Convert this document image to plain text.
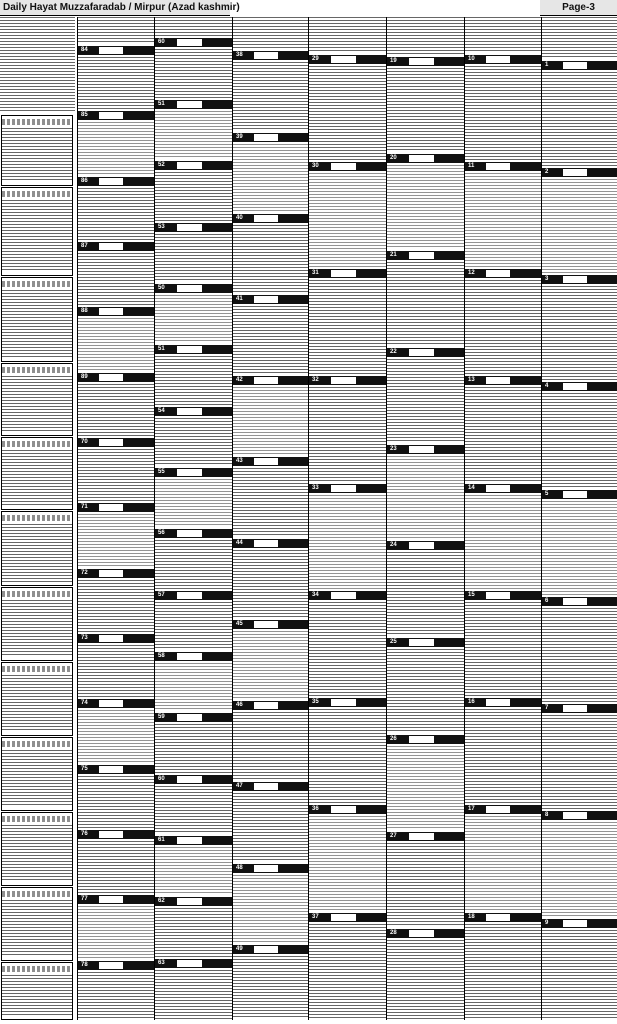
Daily Hayat Muzzafaradab / Mirpur (Azad kashmir)	Page-3
84
85
86
87
88
89
70
71
72
73
74
75
76
77
78
60
51
52
53
50
51
54
55
56
57
58
59
60
61
62
63
38
39
40
41
42
43
44
45
46
47
48
49
29
30
31
32
33
34
35
36
37
19
20
21
22
23
24
25
26
27
28
10
11
12
13
14
15
16
17
18
1
2
3
4
5
6
7
8
9
